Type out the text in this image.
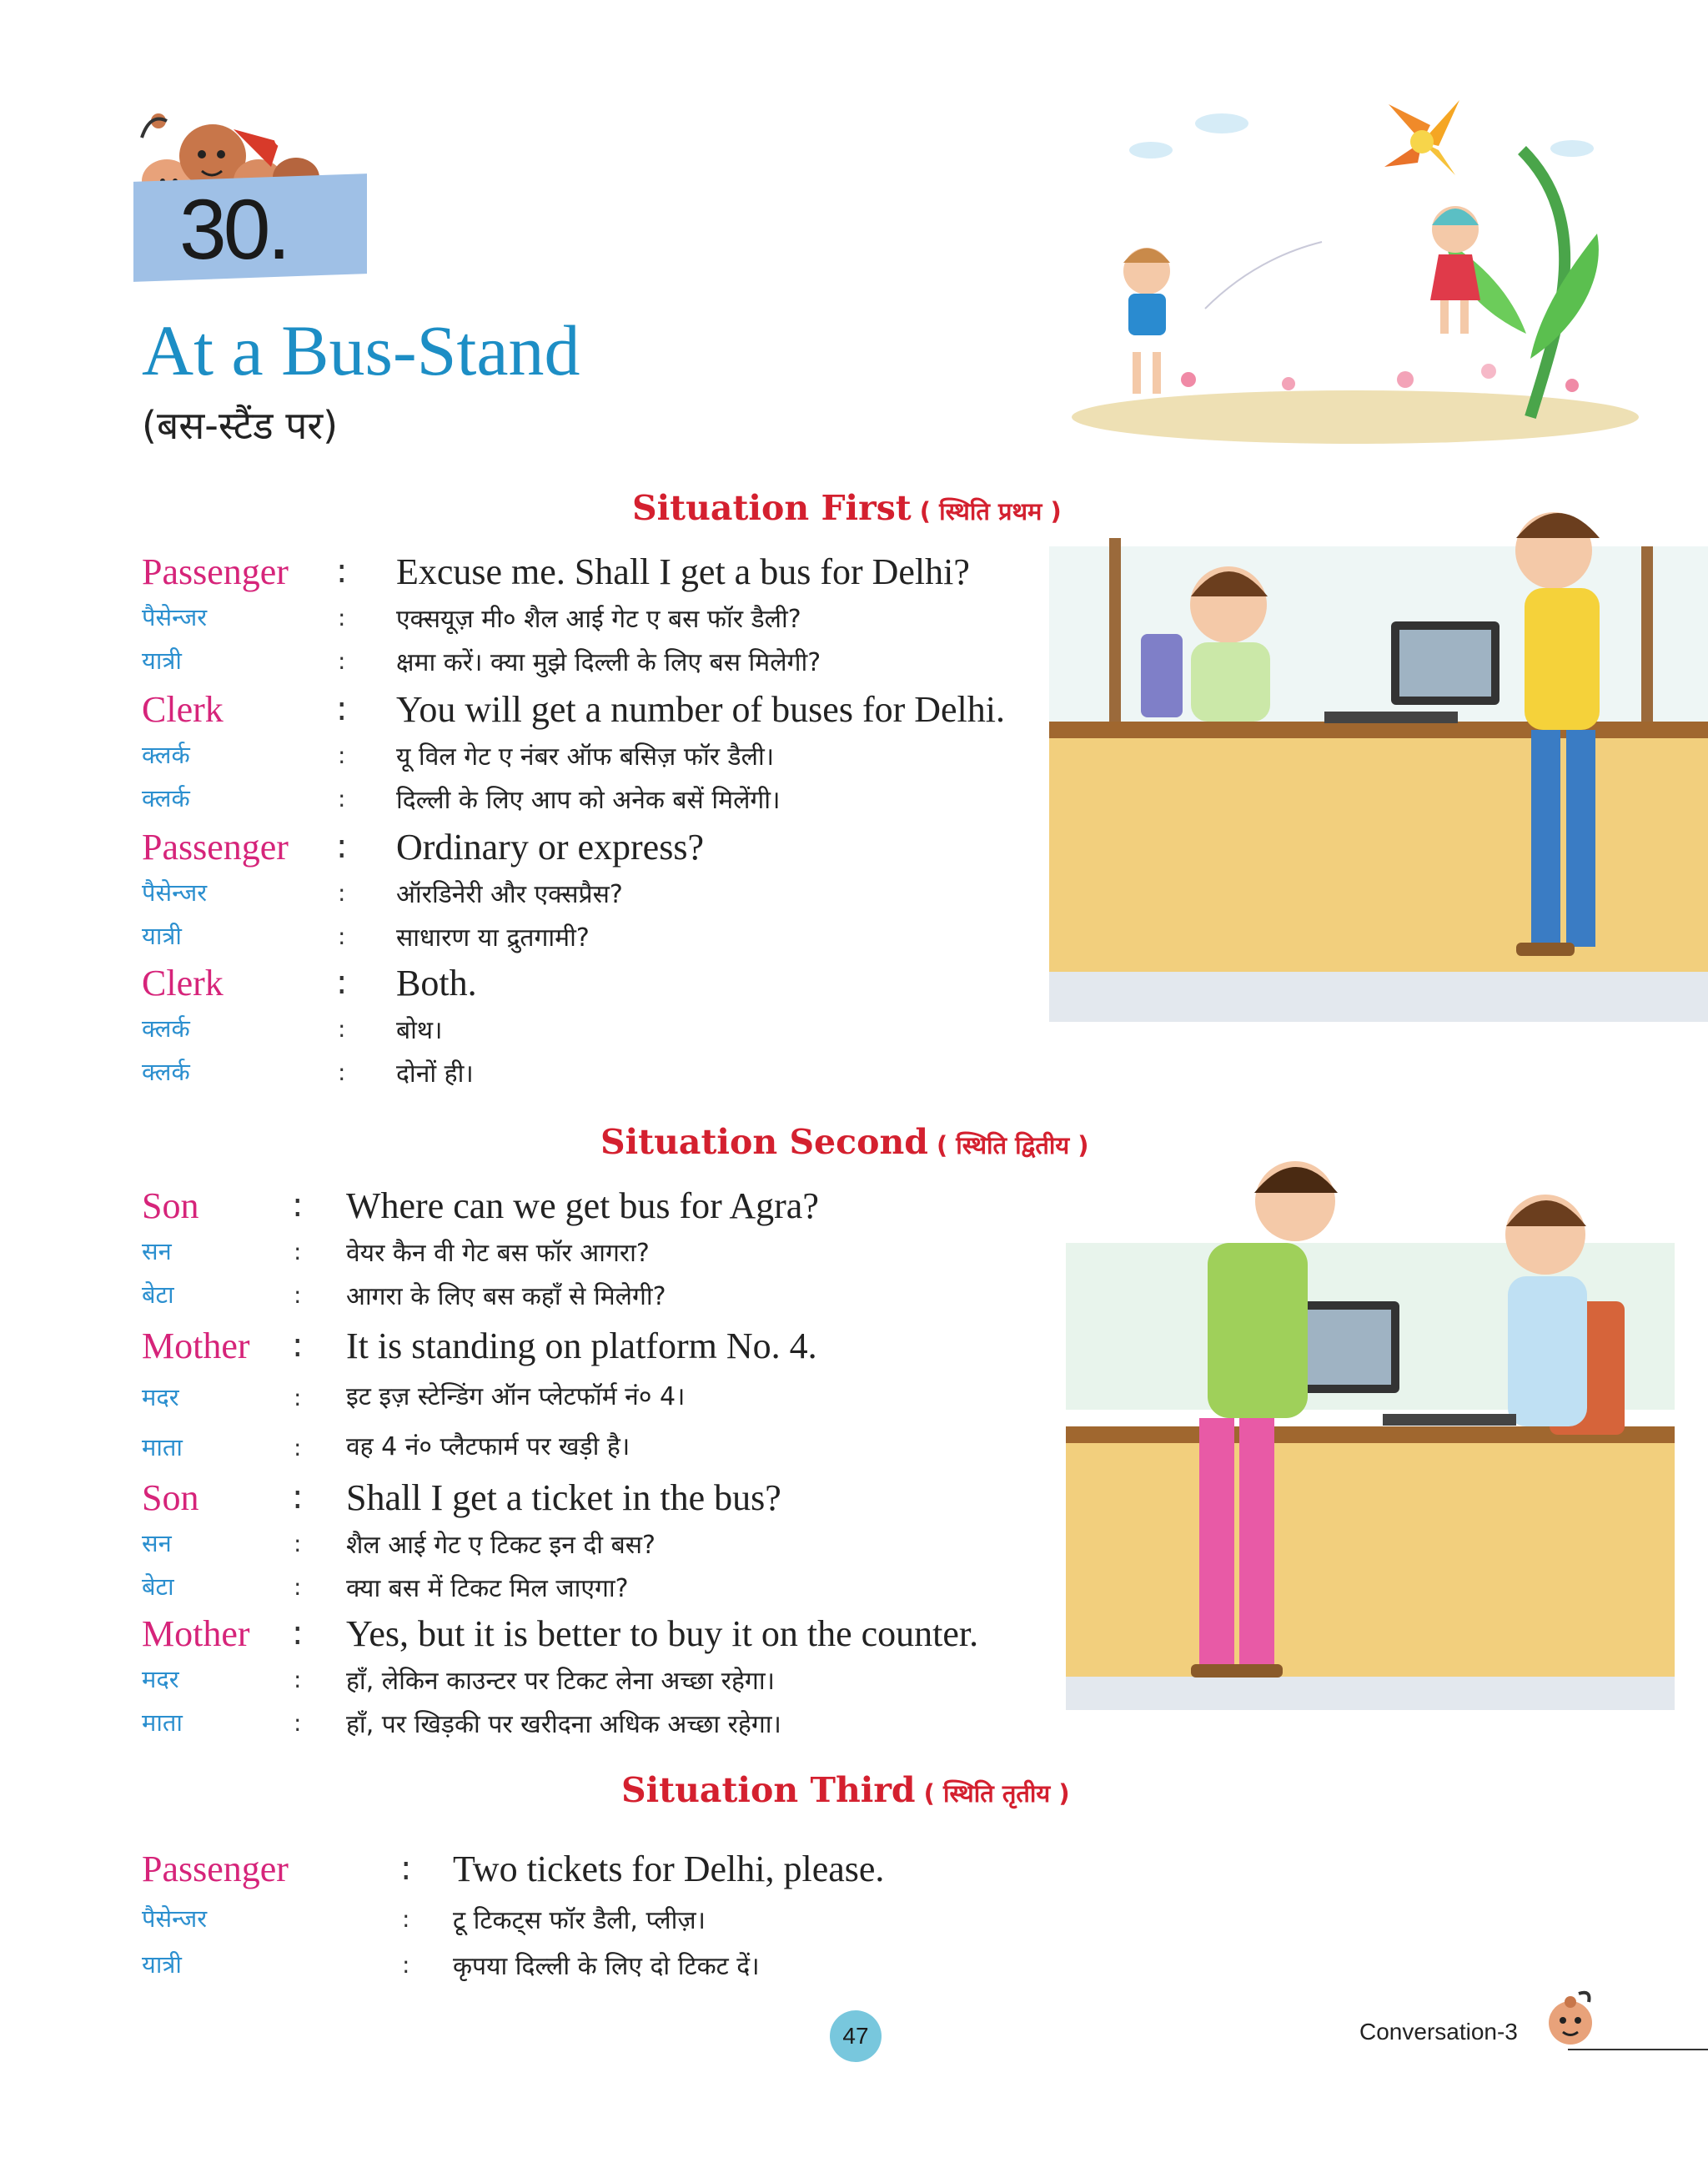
30.
At a Bus-Stand
(बस-स्टैंड पर)
Situation First ( स्थिति प्रथम )
Situation Second ( स्थिति द्वितीय )
Situation Third ( स्थिति तृतीय )
Passenger : Excuse me. Shall I get a bus for Delhi?
पैसेन्जर	: एक्सयूज़ मी० शैल आई गेट ए बस फॉर डैली?
यात्री	: क्षमा करें। क्या मुझे दिल्ली के लिए बस मिलेगी?
Clerk	: You will get a number of buses for Delhi.
क्लर्क	: यू विल गेट ए नंबर ऑफ बसिज़ फॉर डैली।
क्लर्क	: दिल्ली के लिए आप को अनेक बसें मिलेंगी।
Passenger : Ordinary or express?
पैसेन्जर	: ऑरडिनेरी और एक्सप्रैस?
यात्री	: साधारण या द्रुतगामी?
Clerk	: Both.
क्लर्क	: बोथ।
क्लर्क	: दोनों ही।
Son	: Where can we get bus for Agra?
सन	: वेयर कैन वी गेट बस फॉर आगरा?
बेटा	: आगरा के लिए बस कहाँ से मिलेगी?
Mother : It is standing on platform No. 4.
मदर	: इट इज़ स्टेन्डिंग ऑन प्लेटफॉर्म नं० 4।
माता	: वह 4 नं० प्लैटफार्म पर खड़ी है।
Son	: Shall I get a ticket in the bus?
सन	: शैल आई गेट ए टिकट इन दी बस?
बेटा	: क्या बस में टिकट मिल जाएगा?
Mother : Yes, but it is better to buy it on the counter.
मदर	: हाँ, लेकिन काउन्टर पर टिकट लेना अच्छा रहेगा।
माता	: हाँ, पर खिड़की पर खरीदना अधिक अच्छा रहेगा।
Passenger	: Two tickets for Delhi, please.
पैसेन्जर	: टू टिकट्स फॉर डैली, प्लीज़।
यात्री	: कृपया दिल्ली के लिए दो टिकट दें।
47	Conversation-3
